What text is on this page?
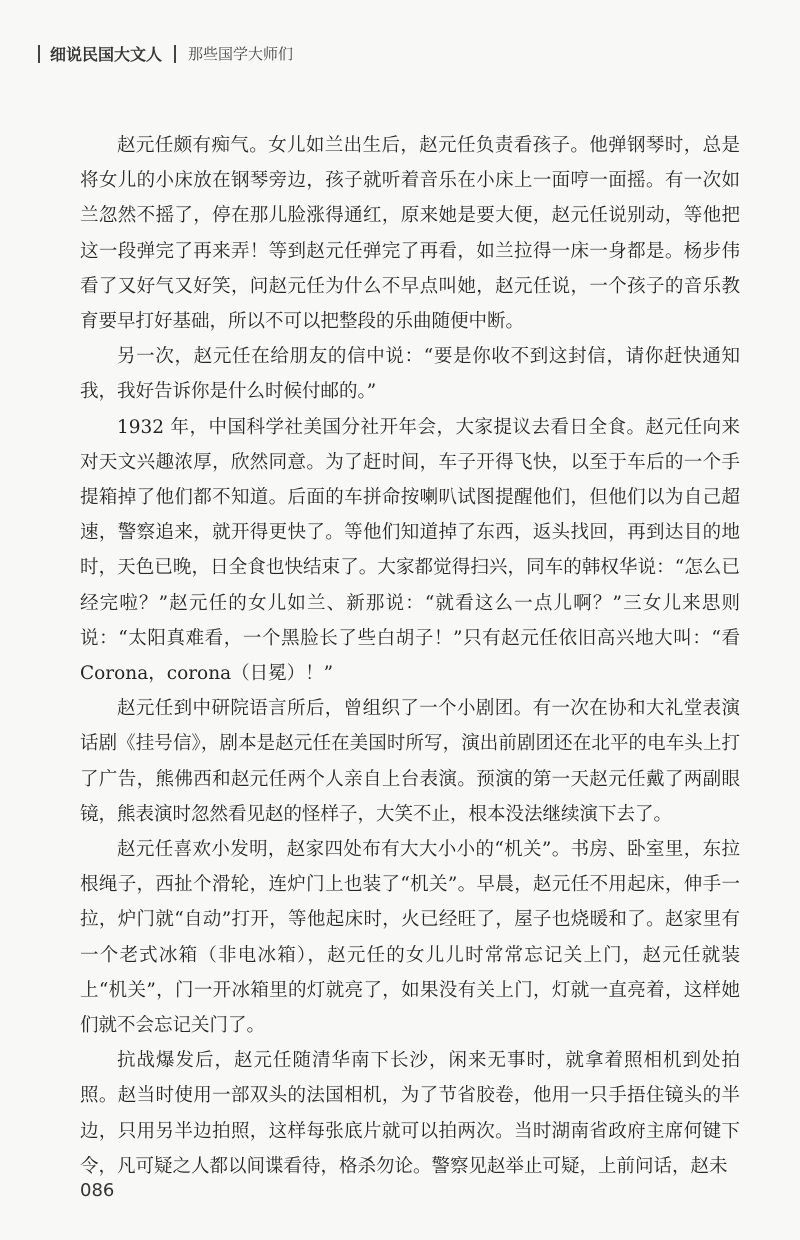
细说民国大文人 那些国学大师们

赵元任颇有痴气。女儿如兰出生后，赵元任负责看孩子。他弹钢琴时，总是将女儿的小床放在钢琴旁边，孩子就听着音乐在小床上一面哼一面摇。有一次如兰忽然不摇了，停在那儿脸涨得通红，原来她是要大便，赵元任说别动，等他把这一段弹完了再来弄！等到赵元任弹完了再看，如兰拉得一床一身都是。杨步伟看了又好气又好笑，问赵元任为什么不早点叫她，赵元任说，一个孩子的音乐教育要早打好基础，所以不可以把整段的乐曲随便中断。

另一次，赵元任在给朋友的信中说：“要是你收不到这封信，请你赶快通知我，我好告诉你是什么时候付邮的。”

1932 年，中国科学社美国分社开年会，大家提议去看日全食。赵元任向来对天文兴趣浓厚，欣然同意。为了赶时间，车子开得飞快，以至于车后的一个手提箱掉了他们都不知道。后面的车拼命按喇叭试图提醒他们，但他们以为自己超速，警察追来，就开得更快了。等他们知道掉了东西，返头找回，再到达目的地时，天色已晚，日全食也快结束了。大家都觉得扫兴，同车的韩权华说：“怎么已经完啦？”赵元任的女儿如兰、新那说：“就看这么一点儿啊？”三女儿来思则说：“太阳真难看，一个黑脸长了些白胡子！”只有赵元任依旧高兴地大叫：“看 Corona，corona（日冕）！”

赵元任到中研院语言所后，曾组织了一个小剧团。有一次在协和大礼堂表演话剧《挂号信》，剧本是赵元任在美国时所写，演出前剧团还在北平的电车头上打了广告，熊佛西和赵元任两个人亲自上台表演。预演的第一天赵元任戴了两副眼镜，熊表演时忽然看见赵的怪样子，大笑不止，根本没法继续演下去了。

赵元任喜欢小发明，赵家四处布有大大小小的“机关”。书房、卧室里，东拉根绳子，西扯个滑轮，连炉门上也装了“机关”。早晨，赵元任不用起床，伸手一拉，炉门就“自动”打开，等他起床时，火已经旺了，屋子也烧暖和了。赵家里有一个老式冰箱（非电冰箱），赵元任的女儿儿时常常忘记关上门，赵元任就装上“机关”，门一开冰箱里的灯就亮了，如果没有关上门，灯就一直亮着，这样她们就不会忘记关门了。

抗战爆发后，赵元任随清华南下长沙，闲来无事时，就拿着照相机到处拍照。赵当时使用一部双头的法国相机，为了节省胶卷，他用一只手捂住镜头的半边，只用另半边拍照，这样每张底片就可以拍两次。当时湖南省政府主席何键下令，凡可疑之人都以间谍看待，格杀勿论。警察见赵举止可疑，上前问话，赵未

086
